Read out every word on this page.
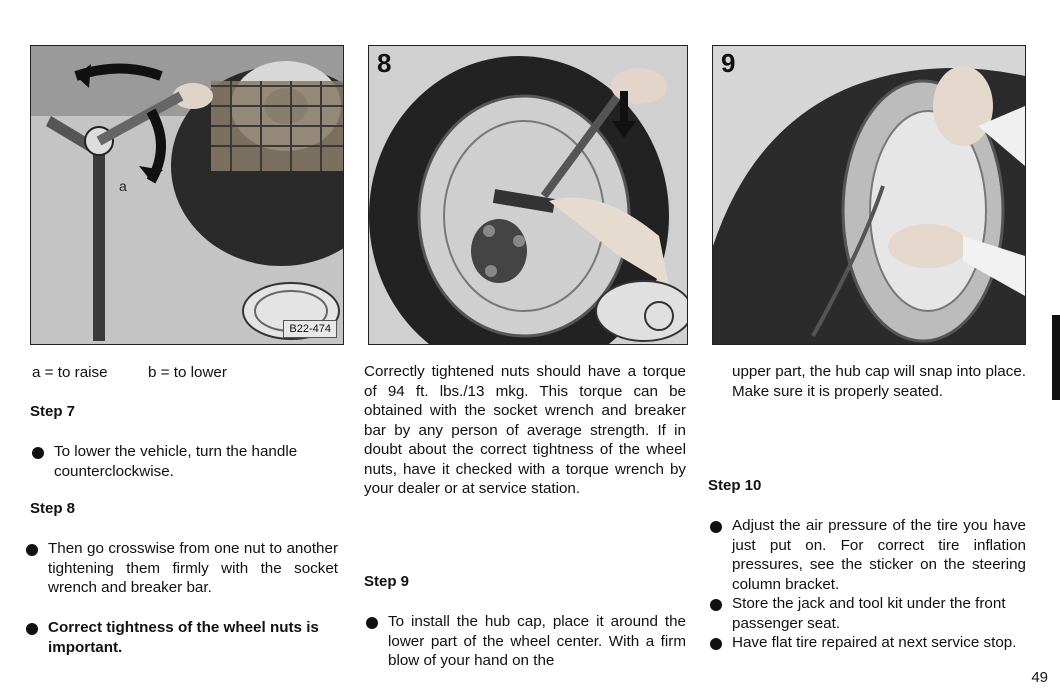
B22-474
a
8	9
a = to raise	b = to lower

Step 7

To lower the vehicle, turn the handle counterclockwise.

Step 8

Then go crosswise from one nut to another tightening them firmly with the socket wrench and breaker bar.

Correct tightness of the wheel nuts is important.

Correctly tightened nuts should have a torque of 94 ft. lbs./13 mkg. This torque can be obtained with the socket wrench and breaker bar by any person of average strength. If in doubt about the correct tightness of the wheel nuts, have it checked with a torque wrench by your dealer or at service station.

Step 9

To install the hub cap, place it around the lower part of the wheel center. With a firm blow of your hand on the

upper part, the hub cap will snap into place. Make sure it is properly seated.

Step 10

Adjust the air pressure of the tire you have just put on. For correct tire inflation pressures, see the sticker on the steering column bracket.

Store the jack and tool kit under the front passenger seat.

Have flat tire repaired at next service stop.

49
